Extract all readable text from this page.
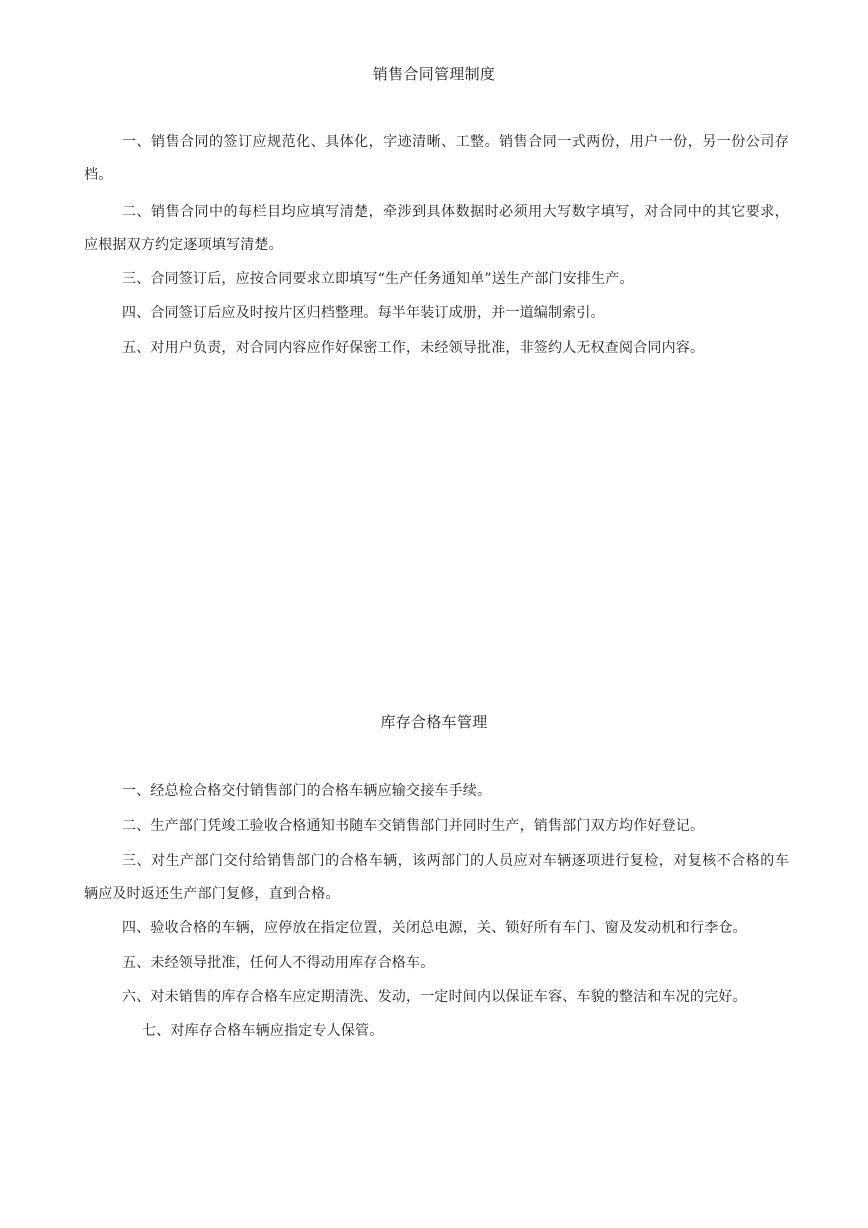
销售合同管理制度
一、销售合同的签订应规范化、具体化，字迹清晰、工整。销售合同一式两份，用户一份，另一份公司存档。
二、销售合同中的每栏目均应填写清楚，牵涉到具体数据时必须用大写数字填写，对合同中的其它要求，应根据双方约定逐项填写清楚。
三、合同签订后，应按合同要求立即填写“生产任务通知单”送生产部门安排生产。
四、合同签订后应及时按片区归档整理。每半年装订成册，并一道编制索引。
五、对用户负责，对合同内容应作好保密工作，未经领导批准，非签约人无权查阅合同内容。
库存合格车管理
一、经总检合格交付销售部门的合格车辆应输交接车手续。
二、生产部门凭竣工验收合格通知书随车交销售部门并同时生产，销售部门双方均作好登记。
三、对生产部门交付给销售部门的合格车辆，该两部门的人员应对车辆逐项进行复检，对复核不合格的车辆应及时返还生产部门复修，直到合格。
四、验收合格的车辆，应停放在指定位置，关闭总电源，关、锁好所有车门、窗及发动机和行李仓。
五、未经领导批准，任何人不得动用库存合格车。
六、对未销售的库存合格车应定期清洗、发动，一定时间内以保证车容、车貌的整洁和车况的完好。
七、对库存合格车辆应指定专人保管。
